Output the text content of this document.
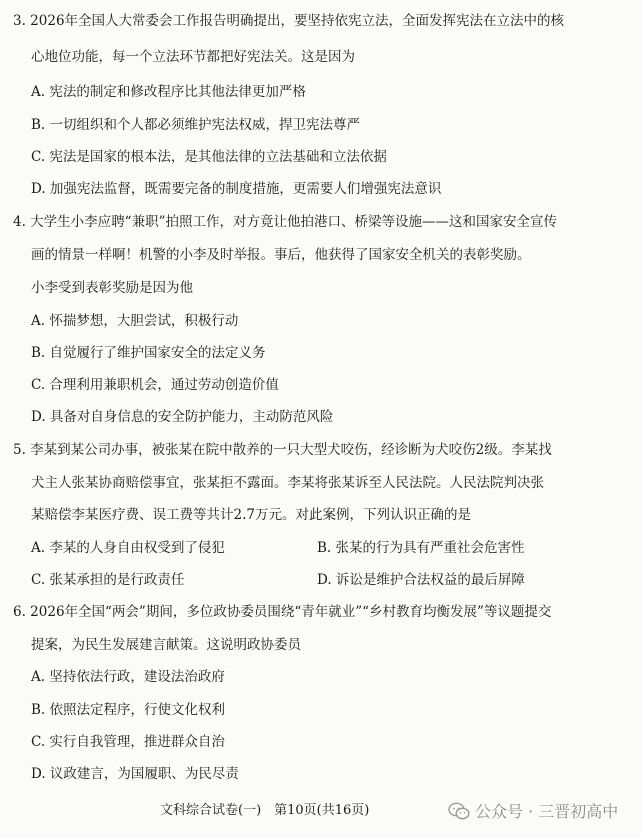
3. 2026年全国人大常委会工作报告明确提出，要坚持依宪立法，全面发挥宪法在立法中的核
心地位功能，每一个立法环节都把好宪法关。这是因为
A. 宪法的制定和修改程序比其他法律更加严格
B. 一切组织和个人都必须维护宪法权威，捍卫宪法尊严
C. 宪法是国家的根本法，是其他法律的立法基础和立法依据
D. 加强宪法监督，既需要完备的制度措施，更需要人们增强宪法意识
4. 大学生小李应聘“兼职”拍照工作，对方竟让他拍港口、桥梁等设施——这和国家安全宣传
画的情景一样啊！机警的小李及时举报。事后，他获得了国家安全机关的表彰奖励。
小李受到表彰奖励是因为他
A. 怀揣梦想，大胆尝试，积极行动
B. 自觉履行了维护国家安全的法定义务
C. 合理利用兼职机会，通过劳动创造价值
D. 具备对自身信息的安全防护能力，主动防范风险
5. 李某到某公司办事，被张某在院中散养的一只大型犬咬伤，经诊断为犬咬伤2级。李某找
犬主人张某协商赔偿事宜，张某拒不露面。李某将张某诉至人民法院。人民法院判决张
某赔偿李某医疗费、误工费等共计2.7万元。对此案例，下列认识正确的是
A. 李某的人身自由权受到了侵犯	B. 张某的行为具有严重社会危害性
C. 张某承担的是行政责任	D. 诉讼是维护合法权益的最后屏障
6. 2026年全国“两会”期间，多位政协委员围绕“青年就业”“乡村教育均衡发展”等议题提交
提案，为民生发展建言献策。这说明政协委员
A. 坚持依法行政，建设法治政府
B. 依照法定程序，行使文化权利
C. 实行自我管理，推进群众自治
D. 议政建言，为国履职、为民尽责
文科综合试卷(一)　第10页(共16页)	公众号 · 三晋初高中
